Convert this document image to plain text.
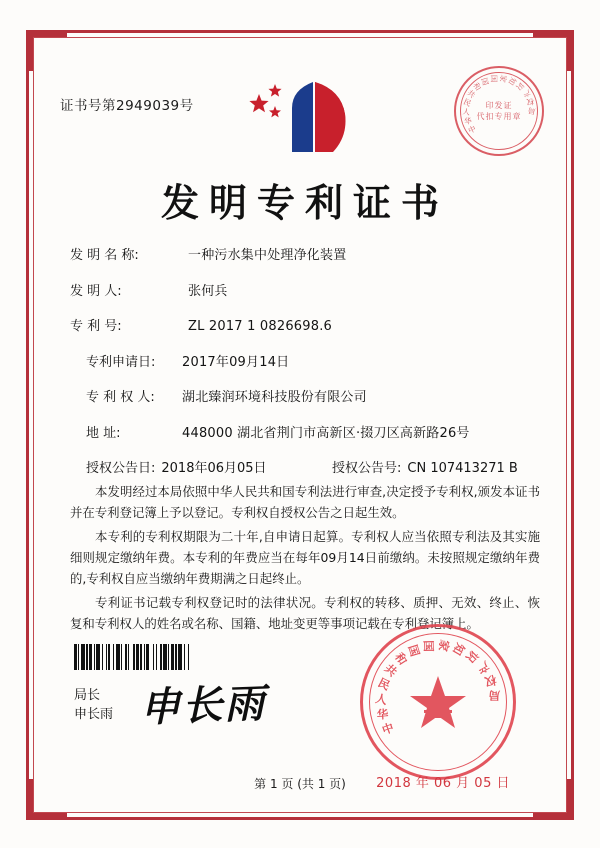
证书号第2949039号
中
华
人
民
共
和
国 国 家
知
识
产
权
局
印发证
代扣专用章
发明专利证书
发 明 名 称:	一种污水集中处理净化装置
发 明 人:	张何兵
专 利 号:	ZL 2017 1 0826698.6
专利申请日:	2017年09月14日
专 利 权 人:	湖北臻润环境科技股份有限公司
地 址:	448000 湖北省荆门市高新区·掇刀区高新路26号
授权公告日: 2018年06月05日	授权公告号: CN 107413271 B

本发明经过本局依照中华人民共和国专利法进行审查,决定授予专利权,颁发本证书并在专利登记簿上予以登记。专利权自授权公告之日起生效。

本专利的专利权期限为二十年,自申请日起算。专利权人应当依照专利法及其实施细则规定缴纳年费。本专利的年费应当在每年09月14日前缴纳。未按照规定缴纳年费的,专利权自应当缴纳年费期满之日起终止。

专利证书记载专利权登记时的法律状况。专利权的转移、质押、无效、终止、恢复和专利权人的姓名或名称、国籍、地址变更等事项记载在专利登记簿上。

局长
申长雨 申长雨	中
华
人
民
共
和
国 国 家
知
识
产
权
局
2018 年 06 月 05 日
第 1 页 (共 1 页)
